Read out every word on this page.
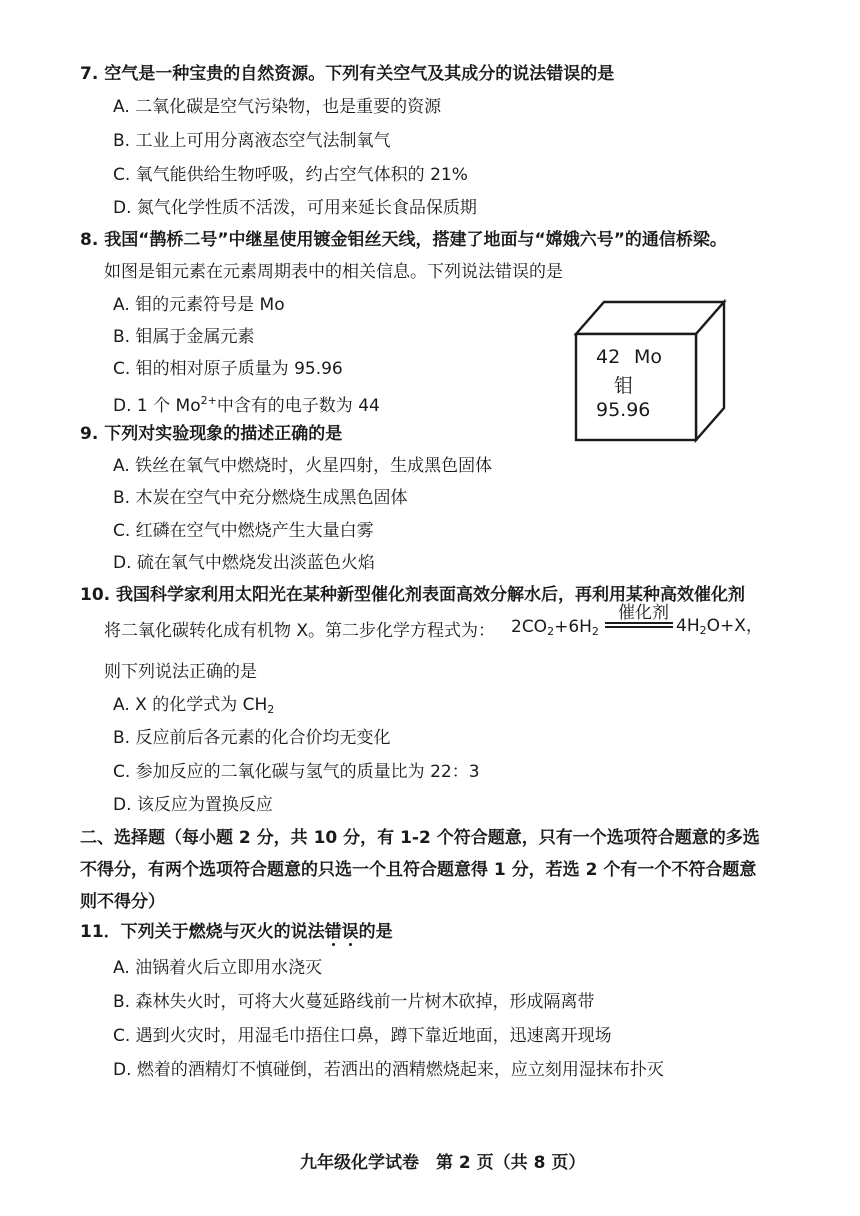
7. 空气是一种宝贵的自然资源。下列有关空气及其成分的说法错误的是
A. 二氧化碳是空气污染物，也是重要的资源
B. 工业上可用分离液态空气法制氧气
C. 氧气能供给生物呼吸，约占空气体积的 21%
D. 氮气化学性质不活泼，可用来延长食品保质期
8. 我国“鹊桥二号”中继星使用镀金钼丝天线，搭建了地面与“嫦娥六号”的通信桥梁。
如图是钼元素在元素周期表中的相关信息。下列说法错误的是
A. 钼的元素符号是 Mo
B. 钼属于金属元素
C. 钼的相对原子质量为 95.96
D. 1 个 $Mo^{2+}$中含有的电子数为 44
42 Mo
钼
95.96
9. 下列对实验现象的描述正确的是
A. 铁丝在氧气中燃烧时，火星四射，生成黑色固体
B. 木炭在空气中充分燃烧生成黑色固体
C. 红磷在空气中燃烧产生大量白雾
D. 硫在氧气中燃烧发出淡蓝色火焰
10. 我国科学家利用太阳光在某种新型催化剂表面高效分解水后，再利用某种高效催化剂
将二氧化碳转化成有机物 X。第二步化学方程式为： $2CO_2+6H_2$
催化剂
$4H_2O+X$，
则下列说法正确的是
A. X 的化学式为 $CH_2$
B. 反应前后各元素的化合价均无变化
C. 参加反应的二氧化碳与氢气的质量比为 22：3
D. 该反应为置换反应
二、选择题（每小题 2 分，共 10 分，有 1-2 个符合题意，只有一个选项符合题意的多选
不得分，有两个选项符合题意的只选一个且符合题意得 1 分，若选 2 个有一个不符合题意
则不得分）
11．下列关于燃烧与灭火的说法错误的是
A. 油锅着火后立即用水浇灭
B. 森林失火时，可将大火蔓延路线前一片树木砍掉，形成隔离带
C. 遇到火灾时，用湿毛巾捂住口鼻，蹲下靠近地面，迅速离开现场
D. 燃着的酒精灯不慎碰倒，若洒出的酒精燃烧起来，应立刻用湿抹布扑灭
九年级化学试卷　第 2 页（共 8 页）
